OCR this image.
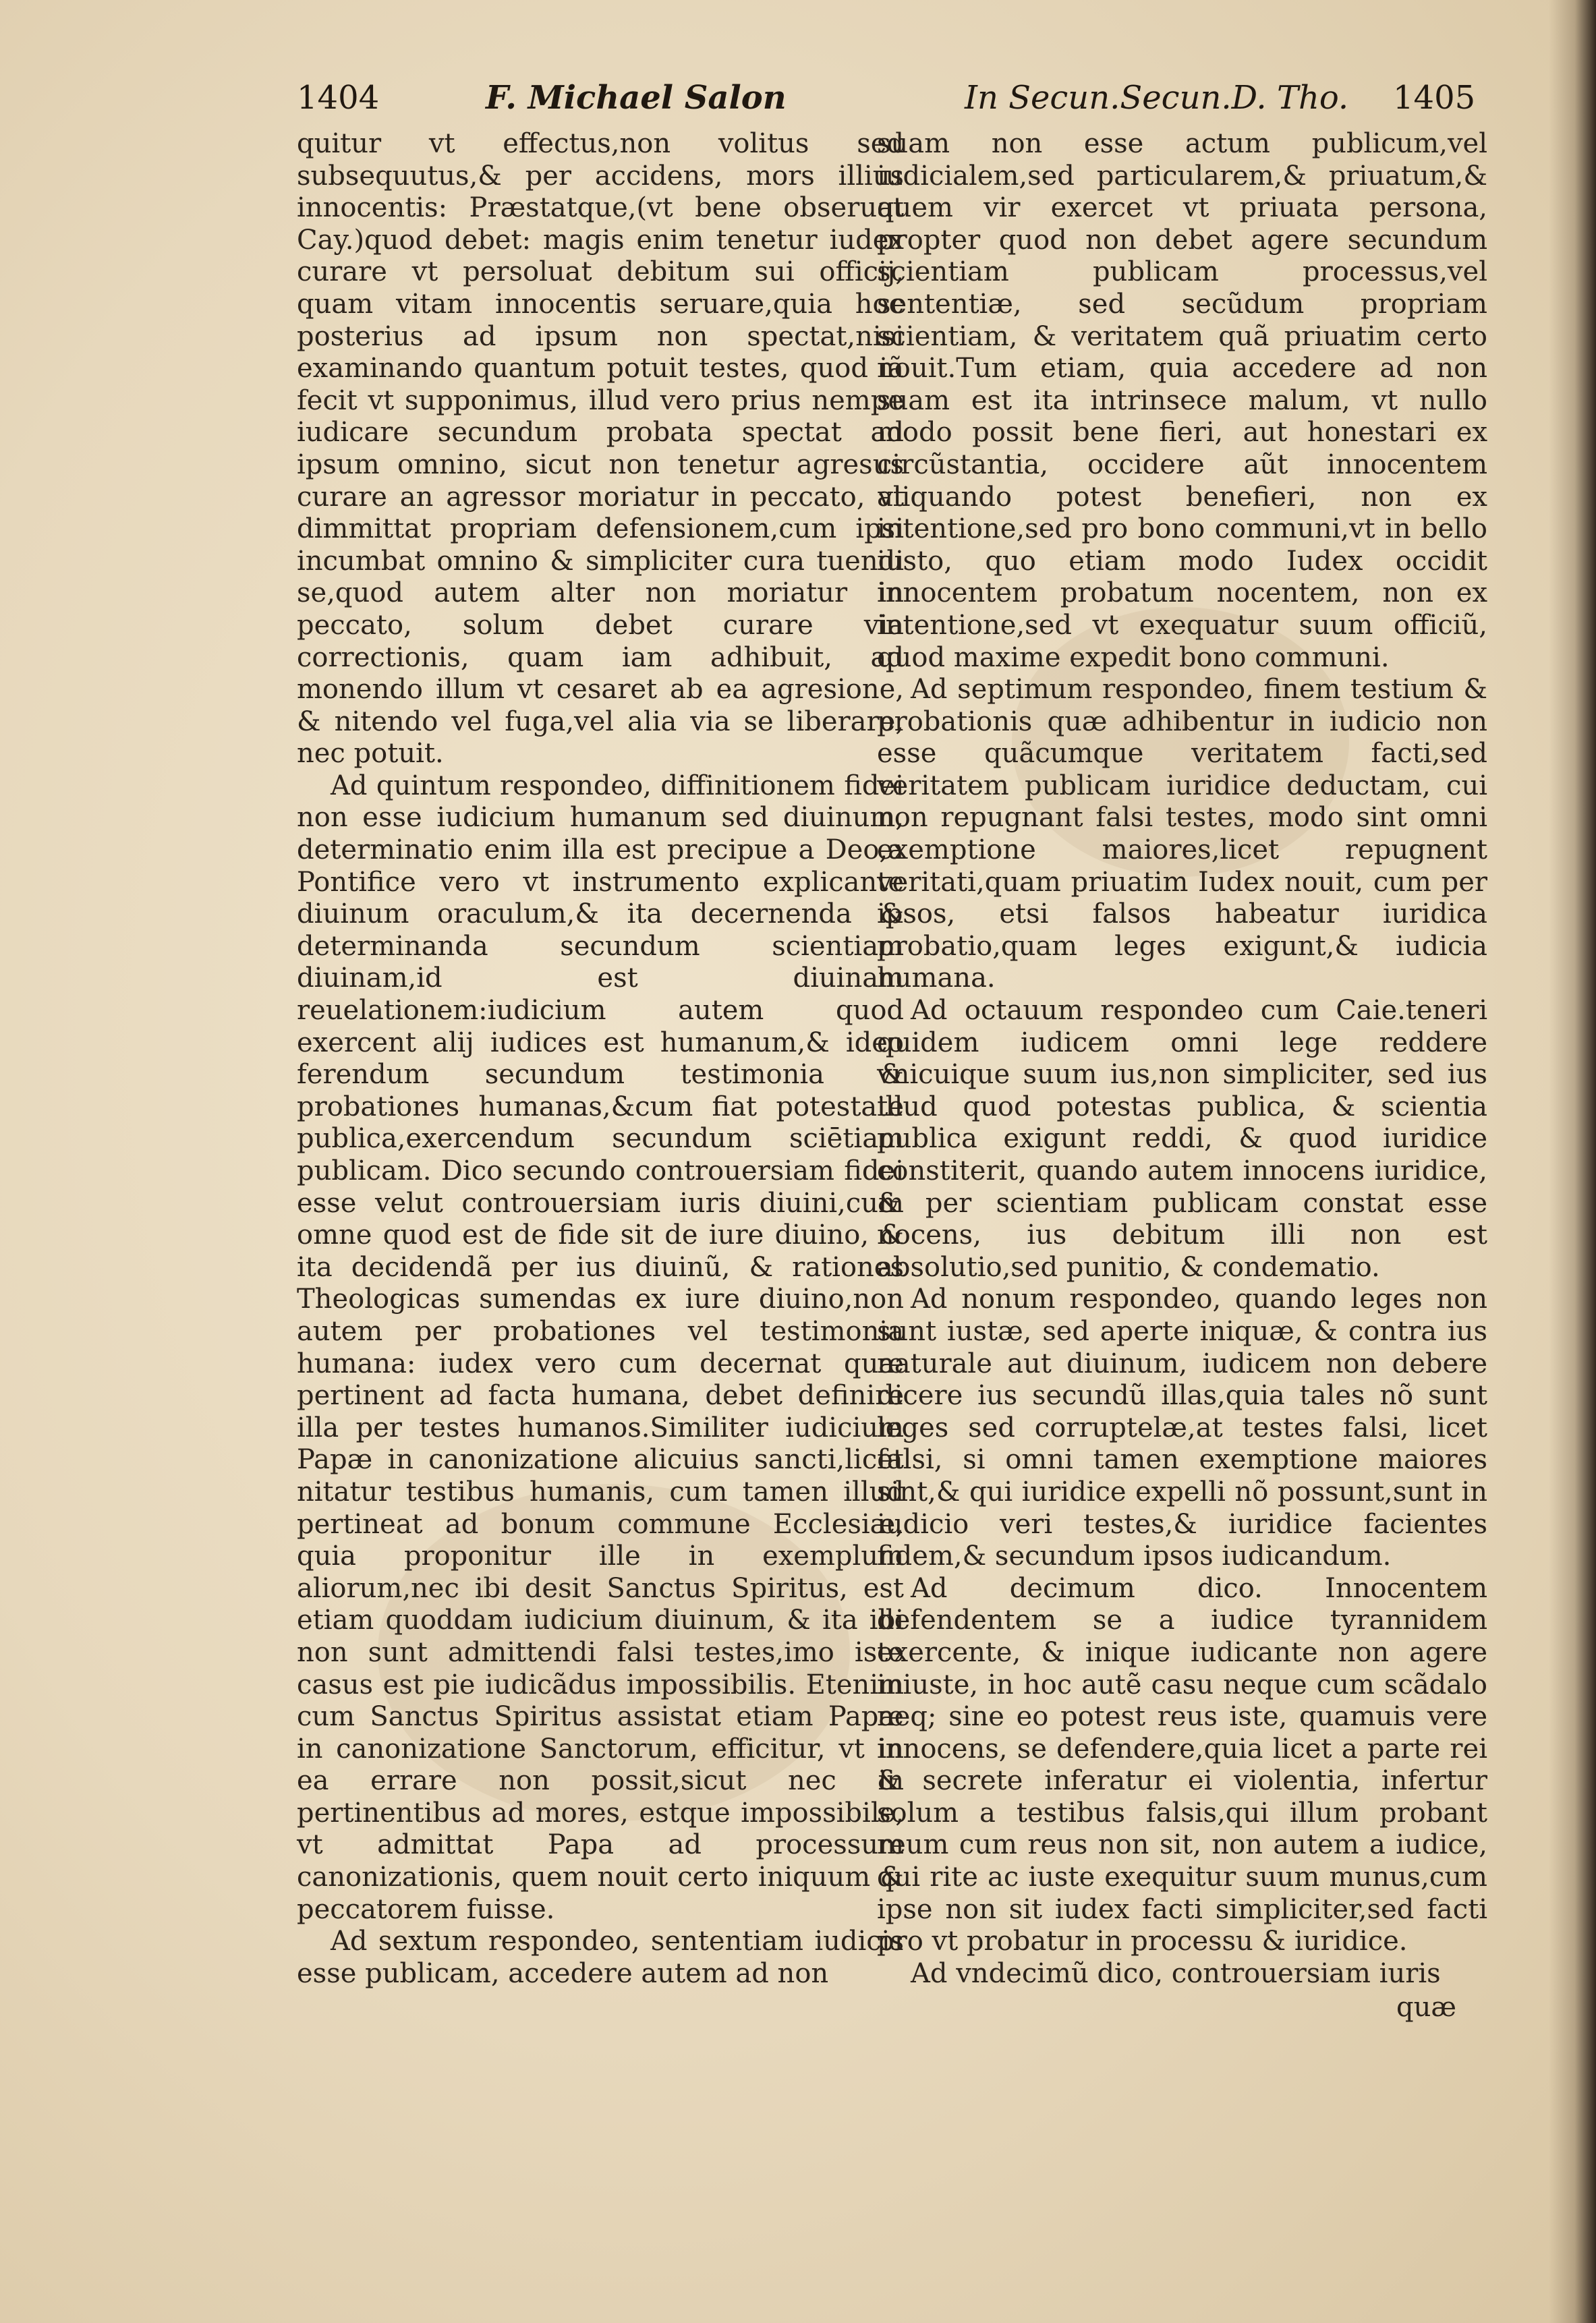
1404	F. Michael Salon	In Secun.Secun.D. Tho. 1405

quitur vt effectus,non volitus sed subsequutus,& per accidens, mors illius innocentis: Præstatque,(vt bene obseruat Cay.)quod debet: magis enim tenetur iudex curare vt persoluat debitum sui officij, quam vitam innocentis seruare,quia hoc posterius ad ipsum non spectat,nisi examinando quantum potuit testes, quod iã fecit vt supponimus, illud vero prius nempe iudicare secundum probata spectat ad ipsum omnino, sicut non tenetur agresus curare an agressor moriatur in peccato, vt dimmittat propriam defensionem,cum ipsi incumbat omnino & simpliciter cura tuendi se,quod autem alter non moriatur in peccato, solum debet curare via correctionis, quam iam adhibuit, ad monendo illum vt cesaret ab ea agresione, & nitendo vel fuga,vel alia via se liberare, nec potuit.

Ad quintum respondeo, diffinitionem fidei non esse iudicium humanum sed diuinum, determinatio enim illa est precipue a Deo,a Pontifice vero vt instrumento explicante diuinum oraculum,& ita decernenda & determinanda secundum scientiam diuinam,id est diuinam reuelationem:iudicium autem quod exercent alij iudices est humanum,& ideo ferendum secundum testimonia & probationes humanas,&cum fiat potestate publica,exercendum secundum sciētiam publicam. Dico secundo controuersiam fidei esse velut controuersiam iuris diuini,cum omne quod est de fide sit de iure diuino, & ita decidendã per ius diuinũ, & rationes Theologicas sumendas ex iure diuino,non autem per probationes vel testimonia humana: iudex vero cum decernat quæ pertinent ad facta humana, debet definire illa per testes humanos.Similiter iudicium Papæ in canonizatione alicuius sancti,licet nitatur testibus humanis, cum tamen illud pertineat ad bonum commune Ecclesiæ, quia proponitur ille in exemplum aliorum,nec ibi desit Sanctus Spiritus, est etiam quoddam iudicium diuinum, & ita ibi non sunt admittendi falsi testes,imo iste casus est pie iudicãdus impossibilis. Etenim cum Sanctus Spiritus assistat etiam Papæ in canonizatione Sanctorum, efficitur, vt in ea errare non possit,sicut nec in pertinentibus ad mores, estque impossibile, vt admittat Papa ad processum canonizationis, quem nouit certo iniquum & peccatorem fuisse.

Ad sextum respondeo, sententiam iudicis esse publicam, accedere autem ad non

suam non esse actum publicum,vel iudicialem,sed particularem,& priuatum,& quem vir exercet vt priuata persona, propter quod non debet agere secundum scientiam publicam processus,vel sententiæ, sed secũdum propriam scientiam, & veritatem quã priuatim certo nouit.Tum etiam, quia accedere ad non suam est ita intrinsece malum, vt nullo modo possit bene fieri, aut honestari ex circũstantia, occidere aũt innocentem aliquando potest benefieri, non ex intentione,sed pro bono communi,vt in bello iusto, quo etiam modo Iudex occidit innocentem probatum nocentem, non ex intentione,sed vt exequatur suum officiũ, quod maxime expedit bono communi.

Ad septimum respondeo, finem testium & probationis quæ adhibentur in iudicio non esse quãcumque veritatem facti,sed veritatem publicam iuridice deductam, cui non repugnant falsi testes, modo sint omni exemptione maiores,licet repugnent veritati,quam priuatim Iudex nouit, cum per ipsos, etsi falsos habeatur iuridica probatio,quam leges exigunt,& iudicia humana.

Ad octauum respondeo cum Caie.teneri quidem iudicem omni lege reddere vnicuique suum ius,non simpliciter, sed ius illud quod potestas publica, & scientia publica exigunt reddi, & quod iuridice constiterit, quando autem innocens iuridice, & per scientiam publicam constat esse nocens, ius debitum illi non est absolutio,sed punitio, & condematio.

Ad nonum respondeo, quando leges non sunt iustæ, sed aperte iniquæ, & contra ius naturale aut diuinum, iudicem non debere dicere ius secundũ illas,quia tales nõ sunt leges sed corruptelæ,at testes falsi, licet falsi, si omni tamen exemptione maiores sint,& qui iuridice expelli nõ possunt,sunt in iudicio veri testes,& iuridice facientes fidem,& secundum ipsos iudicandum.

Ad decimum dico. Innocentem defendentem se a iudice tyrannidem exercente, & inique iudicante non agere iniuste, in hoc autẽ casu neque cum scãdalo neq; sine eo potest reus iste, quamuis vere innocens, se defendere,quia licet a parte rei & secrete inferatur ei violentia, infertur solum a testibus falsis,qui illum probant reum cum reus non sit, non autem a iudice, qui rite ac iuste exequitur suum munus,cum ipse non sit iudex facti simpliciter,sed facti pro vt probatur in processu & iuridice.

Ad vndecimũ dico, controuersiam iuris

quæ
